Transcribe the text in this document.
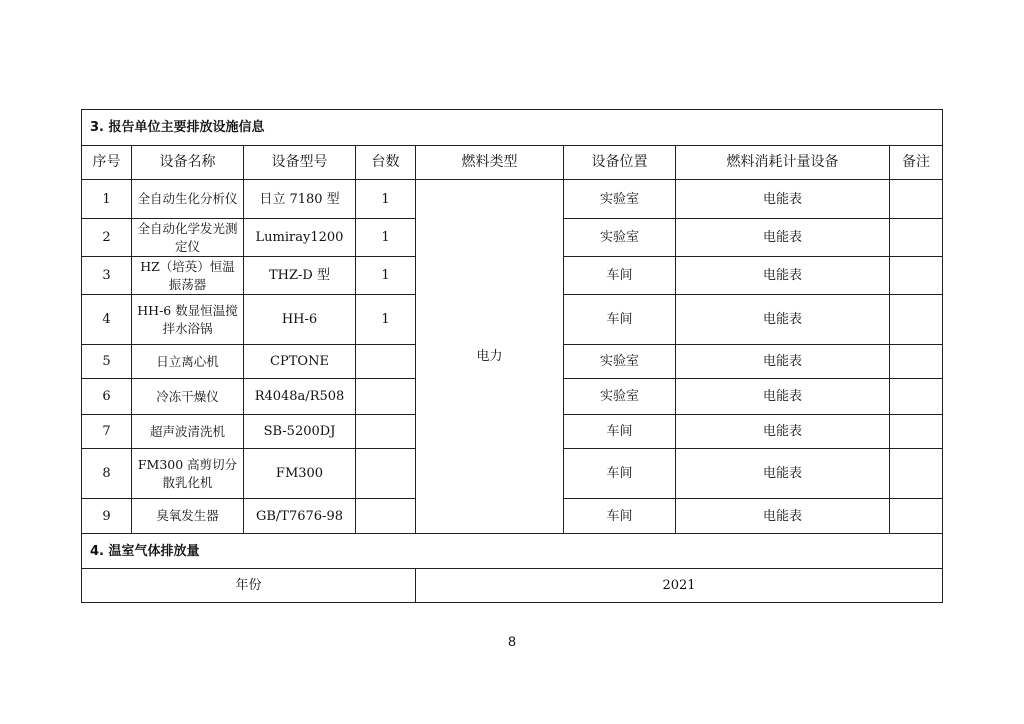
3. 报告单位主要排放设施信息							
序号	设备名称	设备型号	台数	燃料类型	设备位置	燃料消耗计量设备	备注
1	全自动生化分析仪	日立 7180 型	1	电力	实验室	电能表	
2	全自动化学发光测定仪	Lumiray1200	1		实验室	电能表	
3	HZ（培英）恒温振荡器	THZ-D 型	1		车间	电能表	
4	HH-6 数显恒温搅拌水浴锅	HH-6	1		车间	电能表	
5	日立离心机	CPTONE			实验室	电能表	
6	冷冻干燥仪	R4048a/R508			实验室	电能表	
7	超声波清洗机	SB-5200DJ			车间	电能表	
8	FM300 高剪切分散乳化机	FM300			车间	电能表	
9	臭氧发生器	GB/T7676-98			车间	电能表	
4. 温室气体排放量							
年份				2021			
8
